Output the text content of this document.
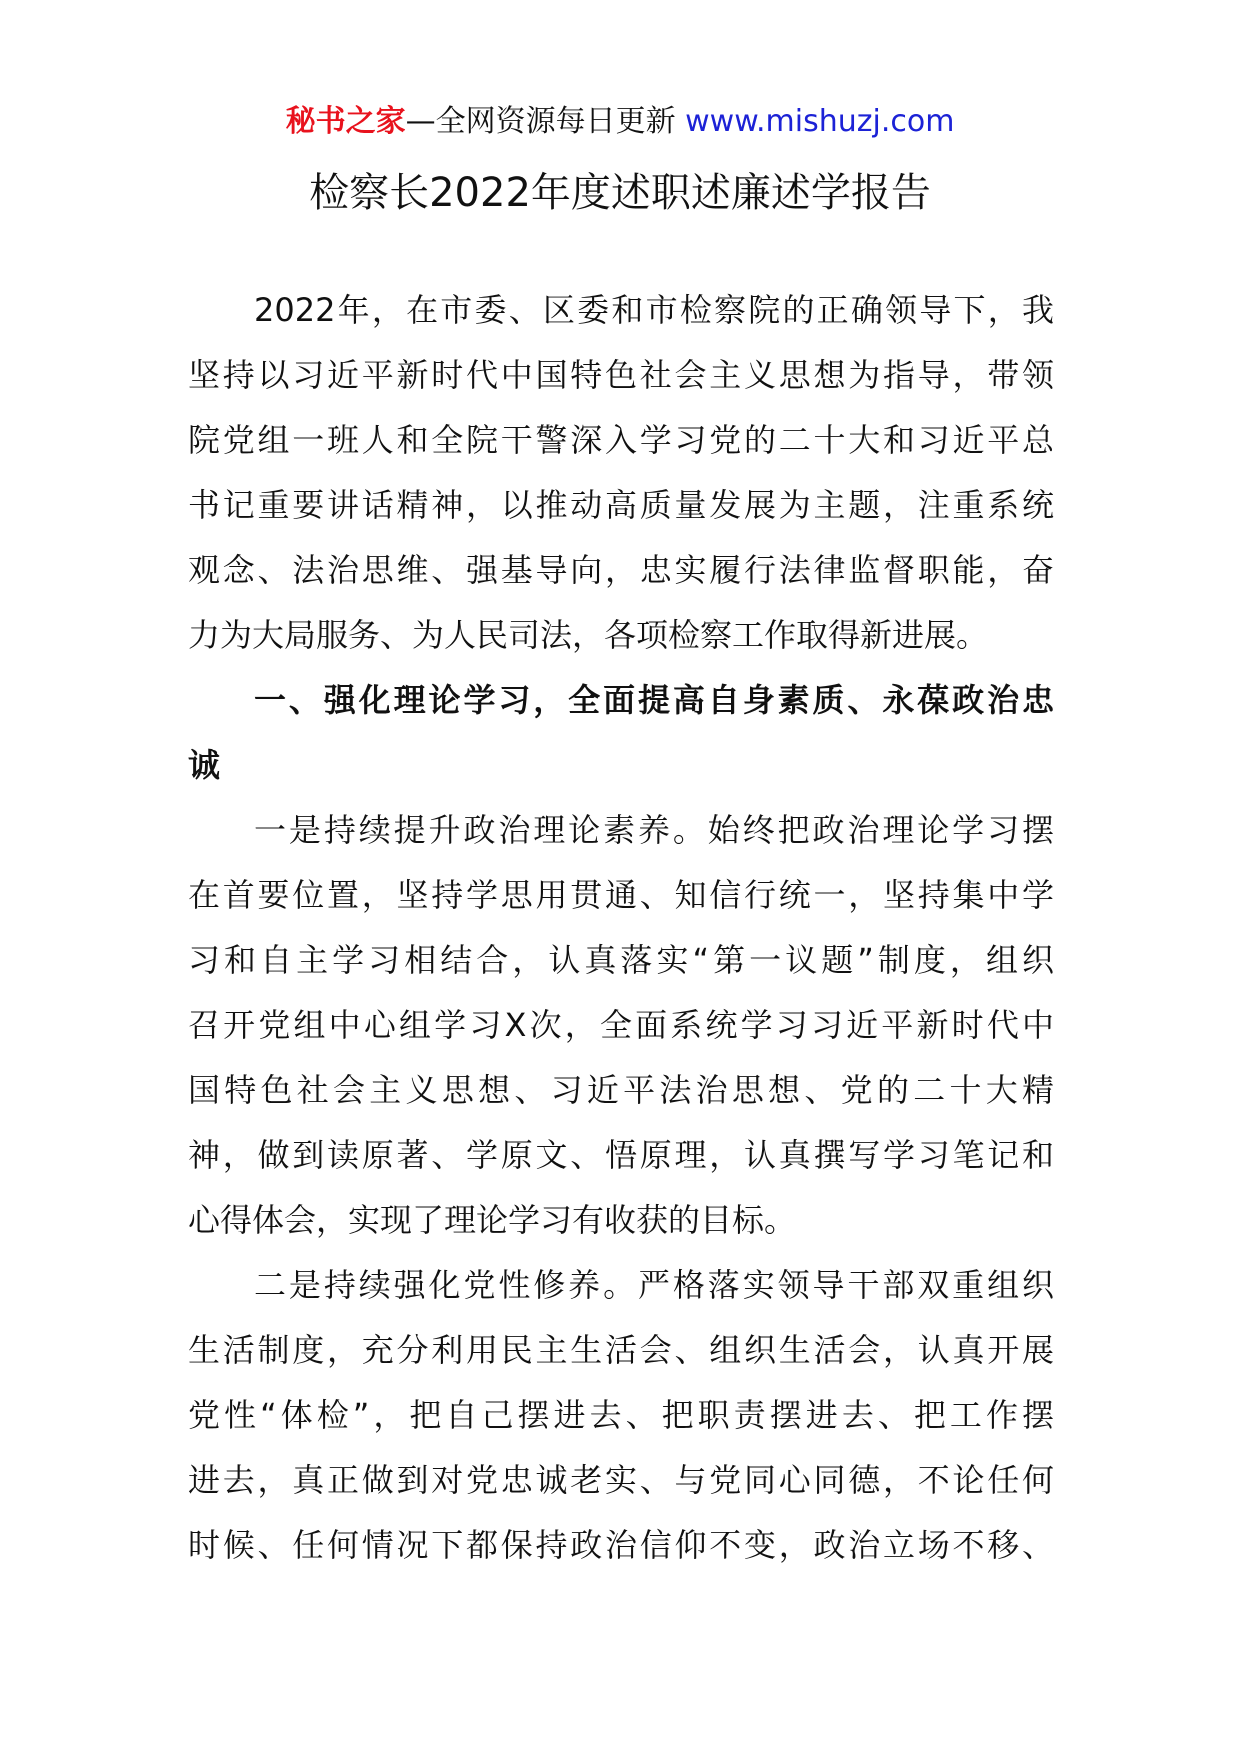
秘书之家—全网资源每日更新 www.mishuzj.com
检察长2022年度述职述廉述学报告
2022年，在市委、区委和市检察院的正确领导下，我
坚持以习近平新时代中国特色社会主义思想为指导，带领
院党组一班人和全院干警深入学习党的二十大和习近平总
书记重要讲话精神，以推动高质量发展为主题，注重系统
观念、法治思维、强基导向，忠实履行法律监督职能，奋
力为大局服务、为人民司法，各项检察工作取得新进展。
一、强化理论学习，全面提高自身素质、永葆政治忠
诚
一是持续提升政治理论素养。始终把政治理论学习摆
在首要位置，坚持学思用贯通、知信行统一，坚持集中学
习和自主学习相结合，认真落实“第一议题”制度，组织
召开党组中心组学习X次，全面系统学习习近平新时代中
国特色社会主义思想、习近平法治思想、党的二十大精
神，做到读原著、学原文、悟原理，认真撰写学习笔记和
心得体会，实现了理论学习有收获的目标。
二是持续强化党性修养。严格落实领导干部双重组织
生活制度，充分利用民主生活会、组织生活会，认真开展
党性“体检”，把自己摆进去、把职责摆进去、把工作摆
进去，真正做到对党忠诚老实、与党同心同德，不论任何
时候、任何情况下都保持政治信仰不变，政治立场不移、
